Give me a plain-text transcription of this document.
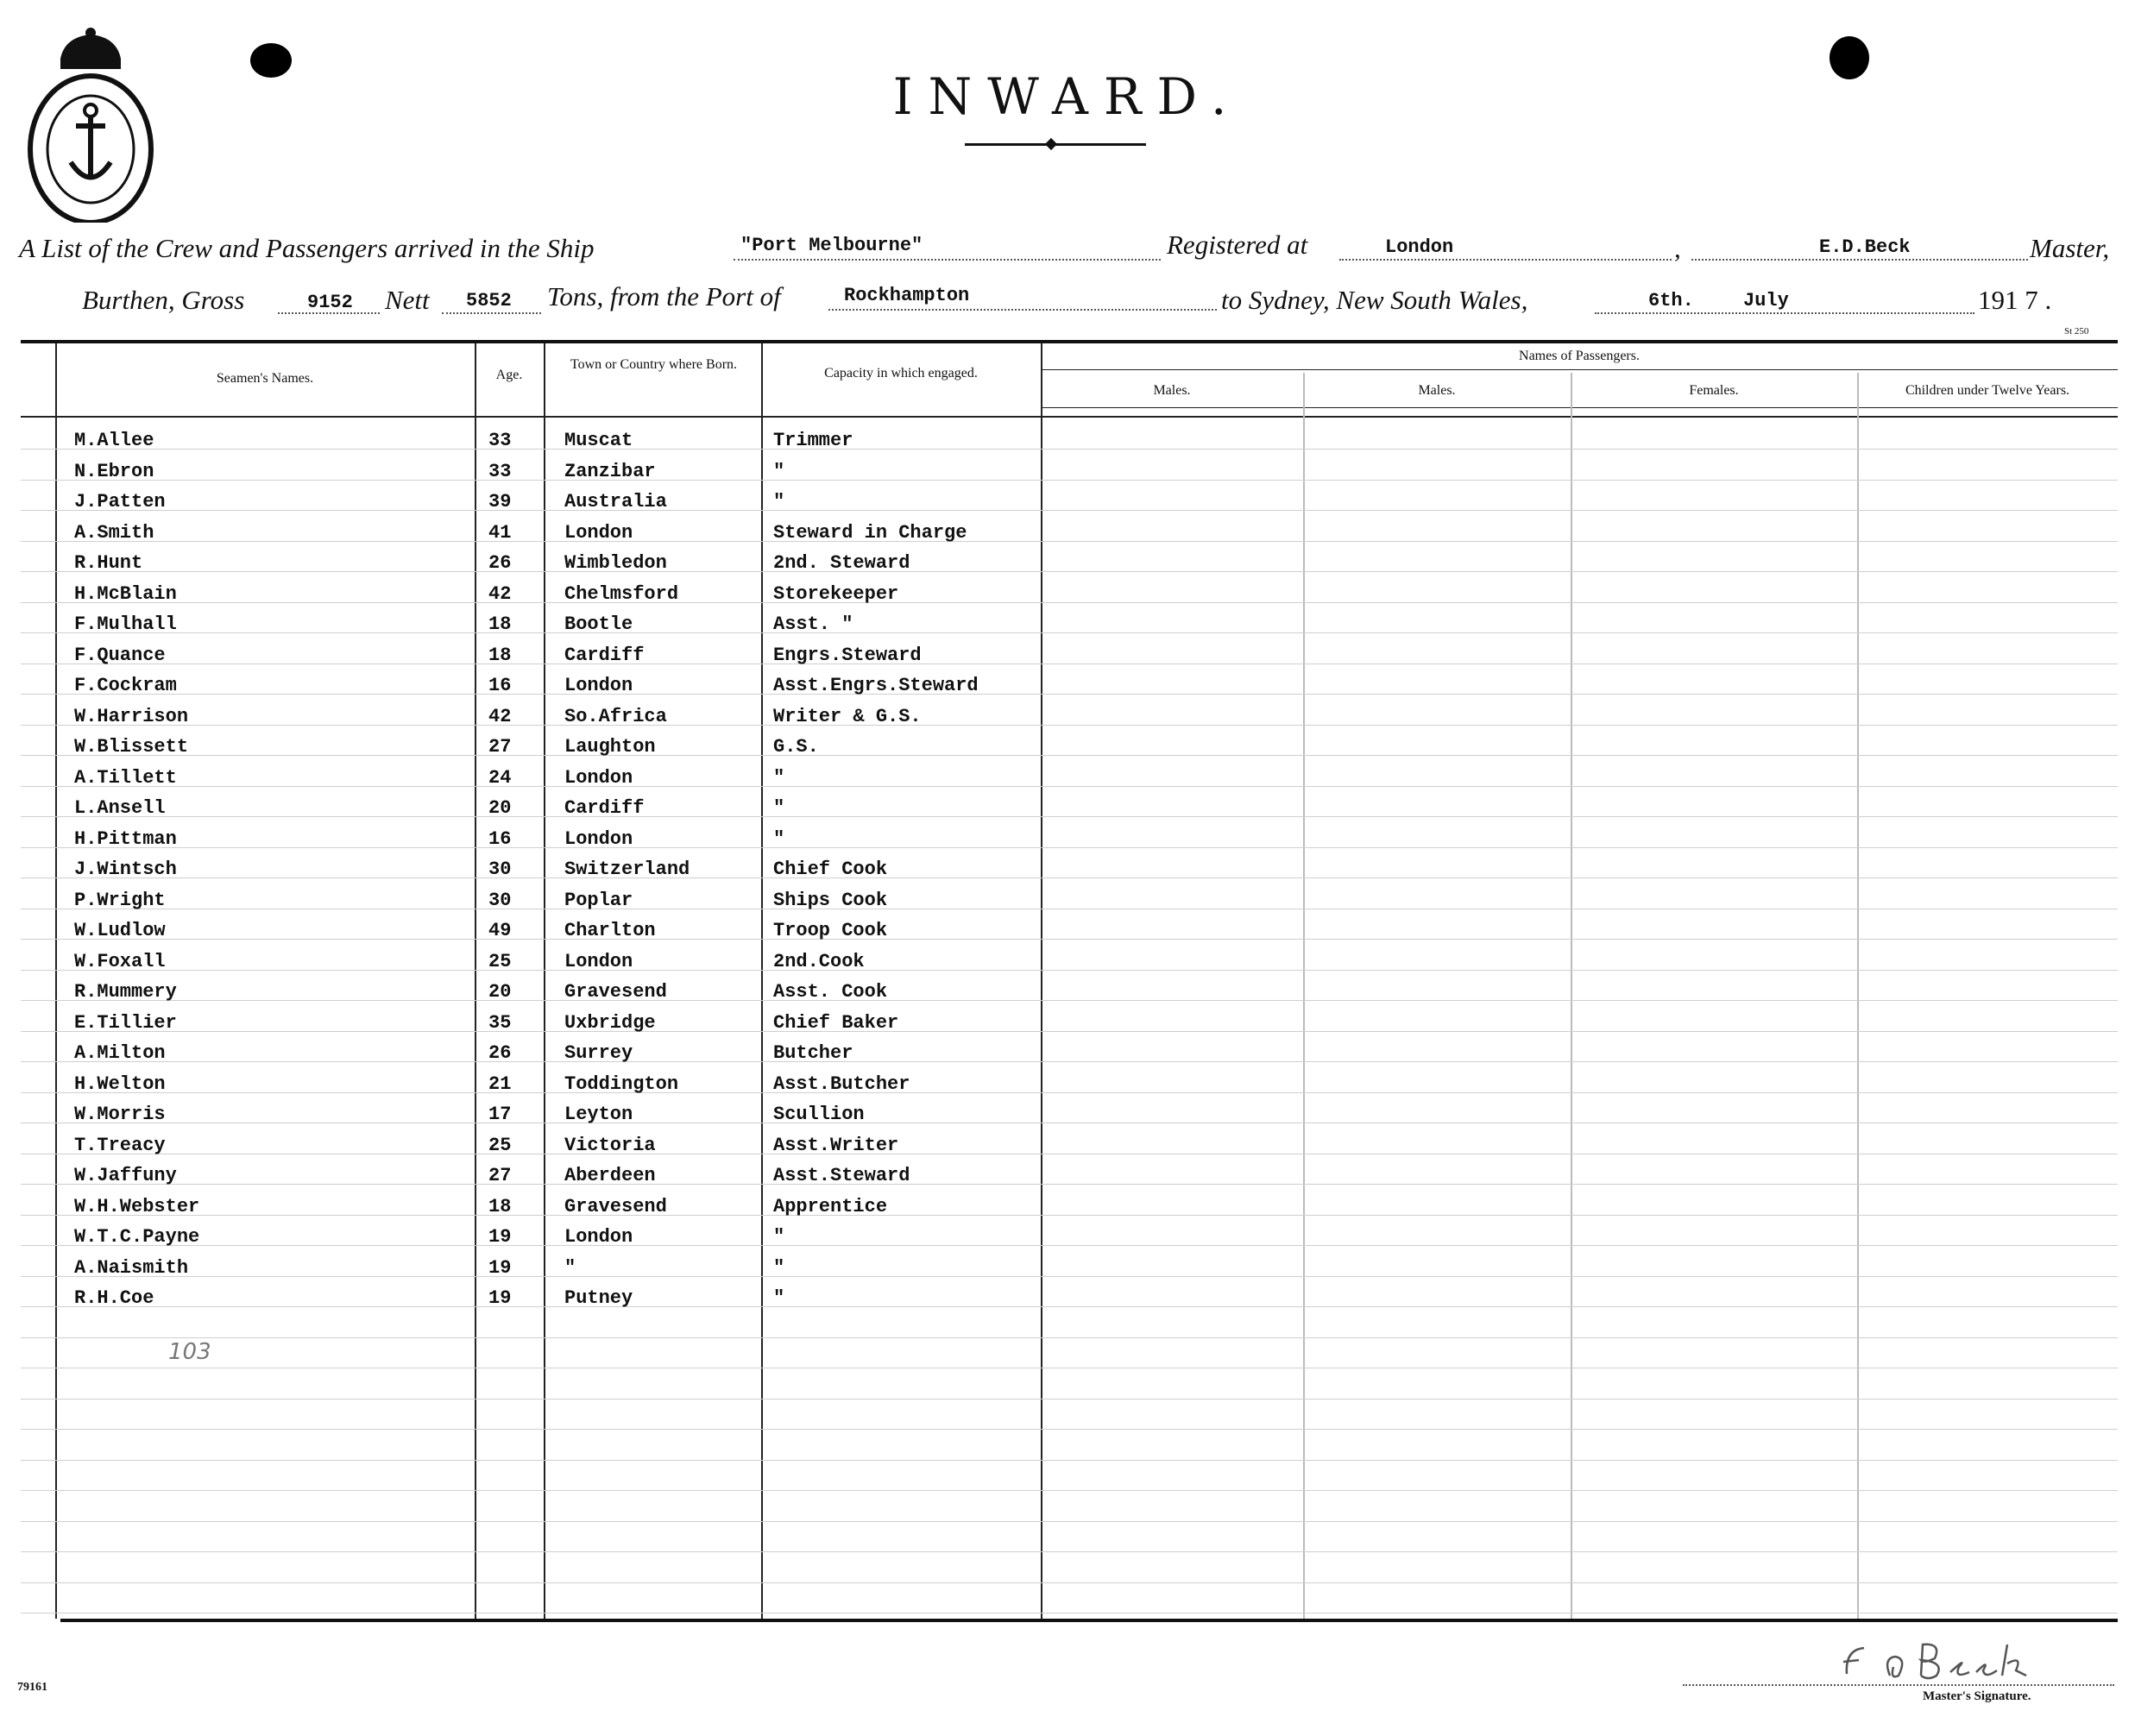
INWARD.
A List of the Crew and Passengers arrived in the Ship	"Port Melbourne"	Registered at	London	,	E.D.Beck	Master,
Burthen, Gross	9152 Nett 5852 Tons, from the Port of	Rockhampton	to Sydney, New South Wales,	6th.	July	191 7 .
St 250
Seamen's Names.	Age.
Town or Country where Born.
Capacity in which engaged.
Names of Passengers.
Males.	Males.	Females.	Children under Twelve Years.
M.Allee	33	Muscat	Trimmer
N.Ebron	33	Zanzibar	"
J.Patten	39	Australia	"
A.Smith	41	London	Steward in Charge
R.Hunt	26	Wimbledon	2nd. Steward
H.McBlain	42	Chelmsford	Storekeeper
F.Mulhall	18	Bootle	Asst. "
F.Quance	18	Cardiff	Engrs.Steward
F.Cockram	16	London	Asst.Engrs.Steward
W.Harrison	42	So.Africa	Writer & G.S.
W.Blissett	27	Laughton	G.S.
A.Tillett	24	London	"
L.Ansell	20	Cardiff	"
H.Pittman	16	London	"
J.Wintsch	30	Switzerland	Chief Cook
P.Wright	30	Poplar	Ships Cook
W.Ludlow	49	Charlton	Troop Cook
W.Foxall	25	London	2nd.Cook
R.Mummery	20	Gravesend	Asst. Cook
E.Tillier	35	Uxbridge	Chief Baker
A.Milton	26	Surrey	Butcher
H.Welton	21	Toddington	Asst.Butcher
W.Morris	17	Leyton	Scullion
T.Treacy	25	Victoria	Asst.Writer
W.Jaffuny	27	Aberdeen	Asst.Steward
W.H.Webster	18	Gravesend	Apprentice
W.T.C.Payne	19	London	"
A.Naismith	19	"	"
R.H.Coe	19	Putney	"
103
79161
Master's Signature.
